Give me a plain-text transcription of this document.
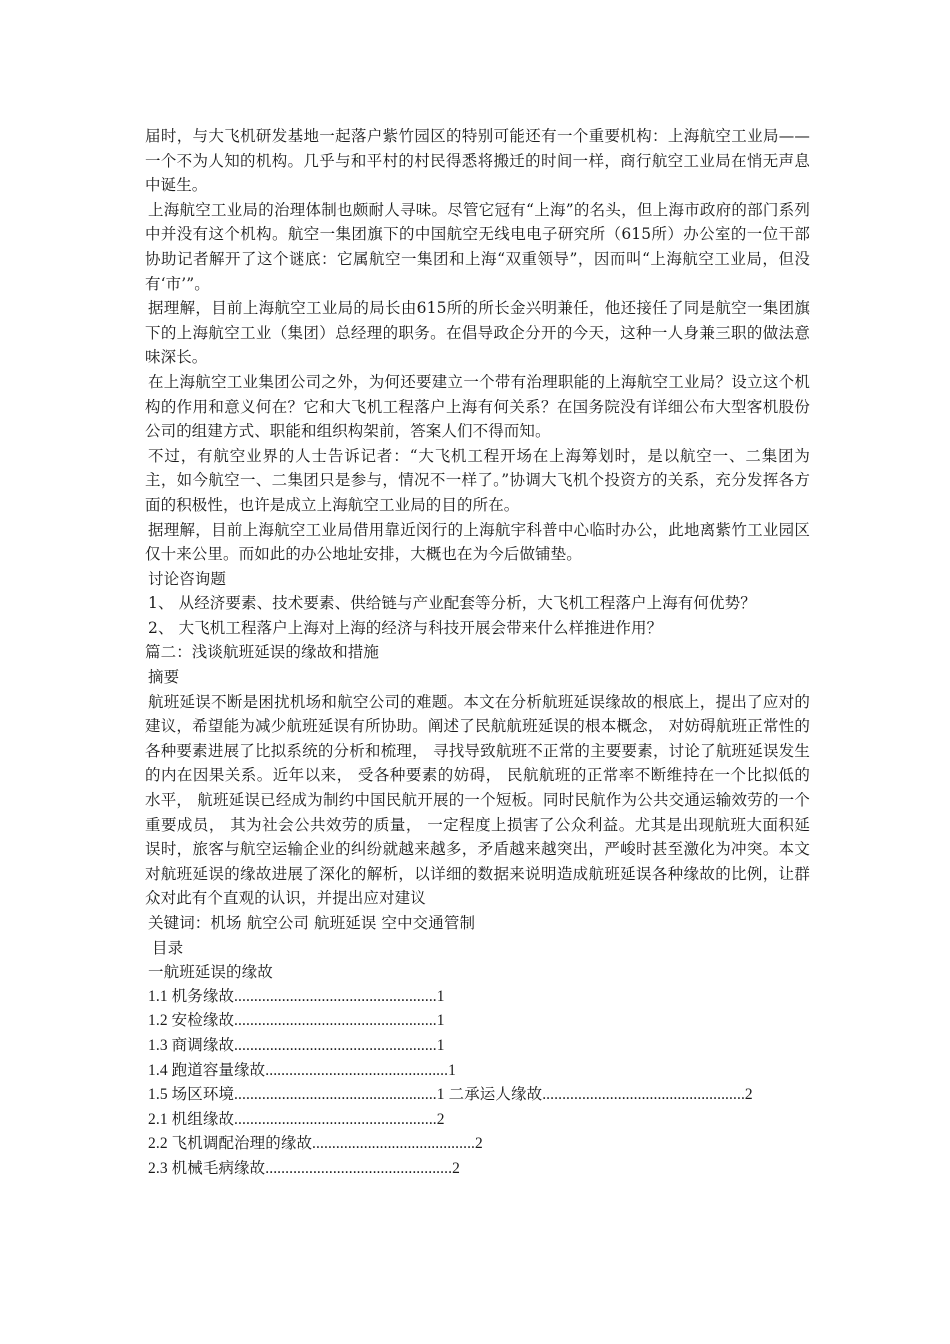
届时，与大飞机研发基地一起落户紫竹园区的特别可能还有一个重要机构：上海航空工业局——一个不为人知的机构。几乎与和平村的村民得悉将搬迁的时间一样，商行航空工业局在悄无声息中诞生。

上海航空工业局的治理体制也颇耐人寻味。尽管它冠有“上海”的名头，但上海市政府的部门系列中并没有这个机构。航空一集团旗下的中国航空无线电电子研究所（615所）办公室的一位干部协助记者解开了这个谜底：它属航空一集团和上海“双重领导”，因而叫“上海航空工业局，但没有‘市’”。

据理解，目前上海航空工业局的局长由615所的所长金兴明兼任，他还接任了同是航空一集团旗下的上海航空工业（集团）总经理的职务。在倡导政企分开的今天，这种一人身兼三职的做法意味深长。

在上海航空工业集团公司之外，为何还要建立一个带有治理职能的上海航空工业局？设立这个机构的作用和意义何在？它和大飞机工程落户上海有何关系？在国务院没有详细公布大型客机股份公司的组建方式、职能和组织构架前，答案人们不得而知。

不过，有航空业界的人士告诉记者：“大飞机工程开场在上海筹划时，是以航空一、二集团为主，如今航空一、二集团只是参与，情况不一样了。”协调大飞机个投资方的关系，充分发挥各方面的积极性，也许是成立上海航空工业局的目的所在。

据理解，目前上海航空工业局借用靠近闵行的上海航宇科普中心临时办公，此地离紫竹工业园区仅十来公里。而如此的办公地址安排，大概也在为今后做铺垫。

讨论咨询题

1、 从经济要素、技术要素、供给链与产业配套等分析，大飞机工程落户上海有何优势？

2、 大飞机工程落户上海对上海的经济与科技开展会带来什么样推进作用？

篇二：浅谈航班延误的缘故和措施

摘要

航班延误不断是困扰机场和航空公司的难题。本文在分析航班延误缘故的根底上，提出了应对的建议，希望能为减少航班延误有所协助。阐述了民航航班延误的根本概念， 对妨碍航班正常性的各种要素进展了比拟系统的分析和梳理， 寻找导致航班不正常的主要要素，讨论了航班延误发生的内在因果关系。近年以来， 受各种要素的妨碍， 民航航班的正常率不断维持在一个比拟低的水平， 航班延误已经成为制约中国民航开展的一个短板。同时民航作为公共交通运输效劳的一个重要成员， 其为社会公共效劳的质量， 一定程度上损害了公众利益。尤其是出现航班大面积延误时，旅客与航空运输企业的纠纷就越来越多，矛盾越来越突出，严峻时甚至激化为冲突。本文对航班延误的缘故进展了深化的解析，以详细的数据来说明造成航班延误各种缘故的比例，让群众对此有个直观的认识，并提出应对建议

关键词：机场 航空公司 航班延误 空中交通管制

目录

一航班延误的缘故

1.1 机务缘故...................................................1

1.2 安检缘故...................................................1

1.3 商调缘故...................................................1

1.4 跑道容量缘故..............................................1

1.5 场区环境...................................................1 二承运人缘故...................................................2

2.1 机组缘故...................................................2

2.2 飞机调配治理的缘故.........................................2

2.3 机械毛病缘故...............................................2
